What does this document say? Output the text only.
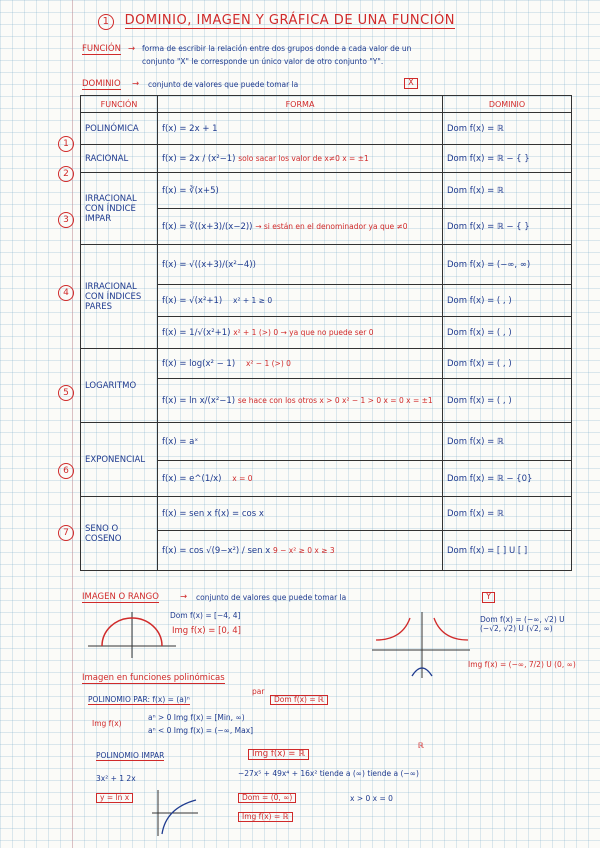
1 DOMINIO, IMAGEN Y GRÁFICA DE UNA FUNCIÓN
FUNCIÓN → forma de escribir la relación entre dos grupos donde a cada valor de un
conjunto "X" le corresponde un único valor de otro conjunto "Y".
DOMINIO → conjunto de valores que puede tomar la	X
1
2
3
4
5
6
7
FUNCIÓN	FORMA	DOMINIO
POLINÓMICA	f(x) = 2x + 1	Dom f(x) = ℝ
RACIONAL	f(x) = 2x / (x²−1) solo sacar los valor de x≠0 x = ±1	Dom f(x) = ℝ − { }
IRRACIONAL CON ÍNDICE IMPAR	f(x) = ∛(x+5)	Dom f(x) = ℝ
	f(x) = ∛((x+3)/(x−2)) → si están en el denominador ya que ≠0	Dom f(x) = ℝ − { }
IRRACIONAL CON ÍNDICES PARES	f(x) = √((x+3)/(x²−4))	Dom f(x) = (−∞, ∞)
	f(x) = √(x²+1) x² + 1 ≥ 0	Dom f(x) = ( , )
	f(x) = 1/√(x²+1) x² + 1 (>) 0 → ya que no puede ser 0	Dom f(x) = ( , )
LOGARITMO	f(x) = log(x² − 1) x² − 1 (>) 0	Dom f(x) = ( , )
	f(x) = ln x/(x²−1) se hace con los otros x > 0 x² − 1 > 0 x = 0 x = ±1	Dom f(x) = ( , )
EXPONENCIAL	f(x) = aˣ	Dom f(x) = ℝ
	f(x) = e^(1/x) x = 0	Dom f(x) = ℝ − {0}
SENO O COSENO	f(x) = sen x f(x) = cos x	Dom f(x) = ℝ
	f(x) = cos √(9−x²) / sen x 9 − x² ≥ 0 x ≥ 3	Dom f(x) = [ ] U [ ]
IMAGEN O RANGO → conjunto de valores que puede tomar la	Y
Dom f(x) = [−4, 4]
Img f(x) = [0, 4]
Dom f(x) = (−∞, √2) U (−√2, √2) U (√2, ∞)
Img f(x) = (−∞, 7/2) U (0, ∞)
Imagen en funciones polinómicas
POLINOMIO PAR: f(x) = (a)ⁿ
par
Dom f(x) = ℝ
Img f(x)
aⁿ > 0 Img f(x) = [Min, ∞)
aⁿ < 0 Img f(x) = (−∞, Max]
POLINOMIO IMPAR	Img f(x) = ℝ
ℝ
3x² + 1 2x
−27x⁵ + 49x⁴ + 16x² tiende a (∞) tiende a (−∞)
y = ln x	Dom = (0, ∞)	x > 0 x = 0
Img f(x) = ℝ
